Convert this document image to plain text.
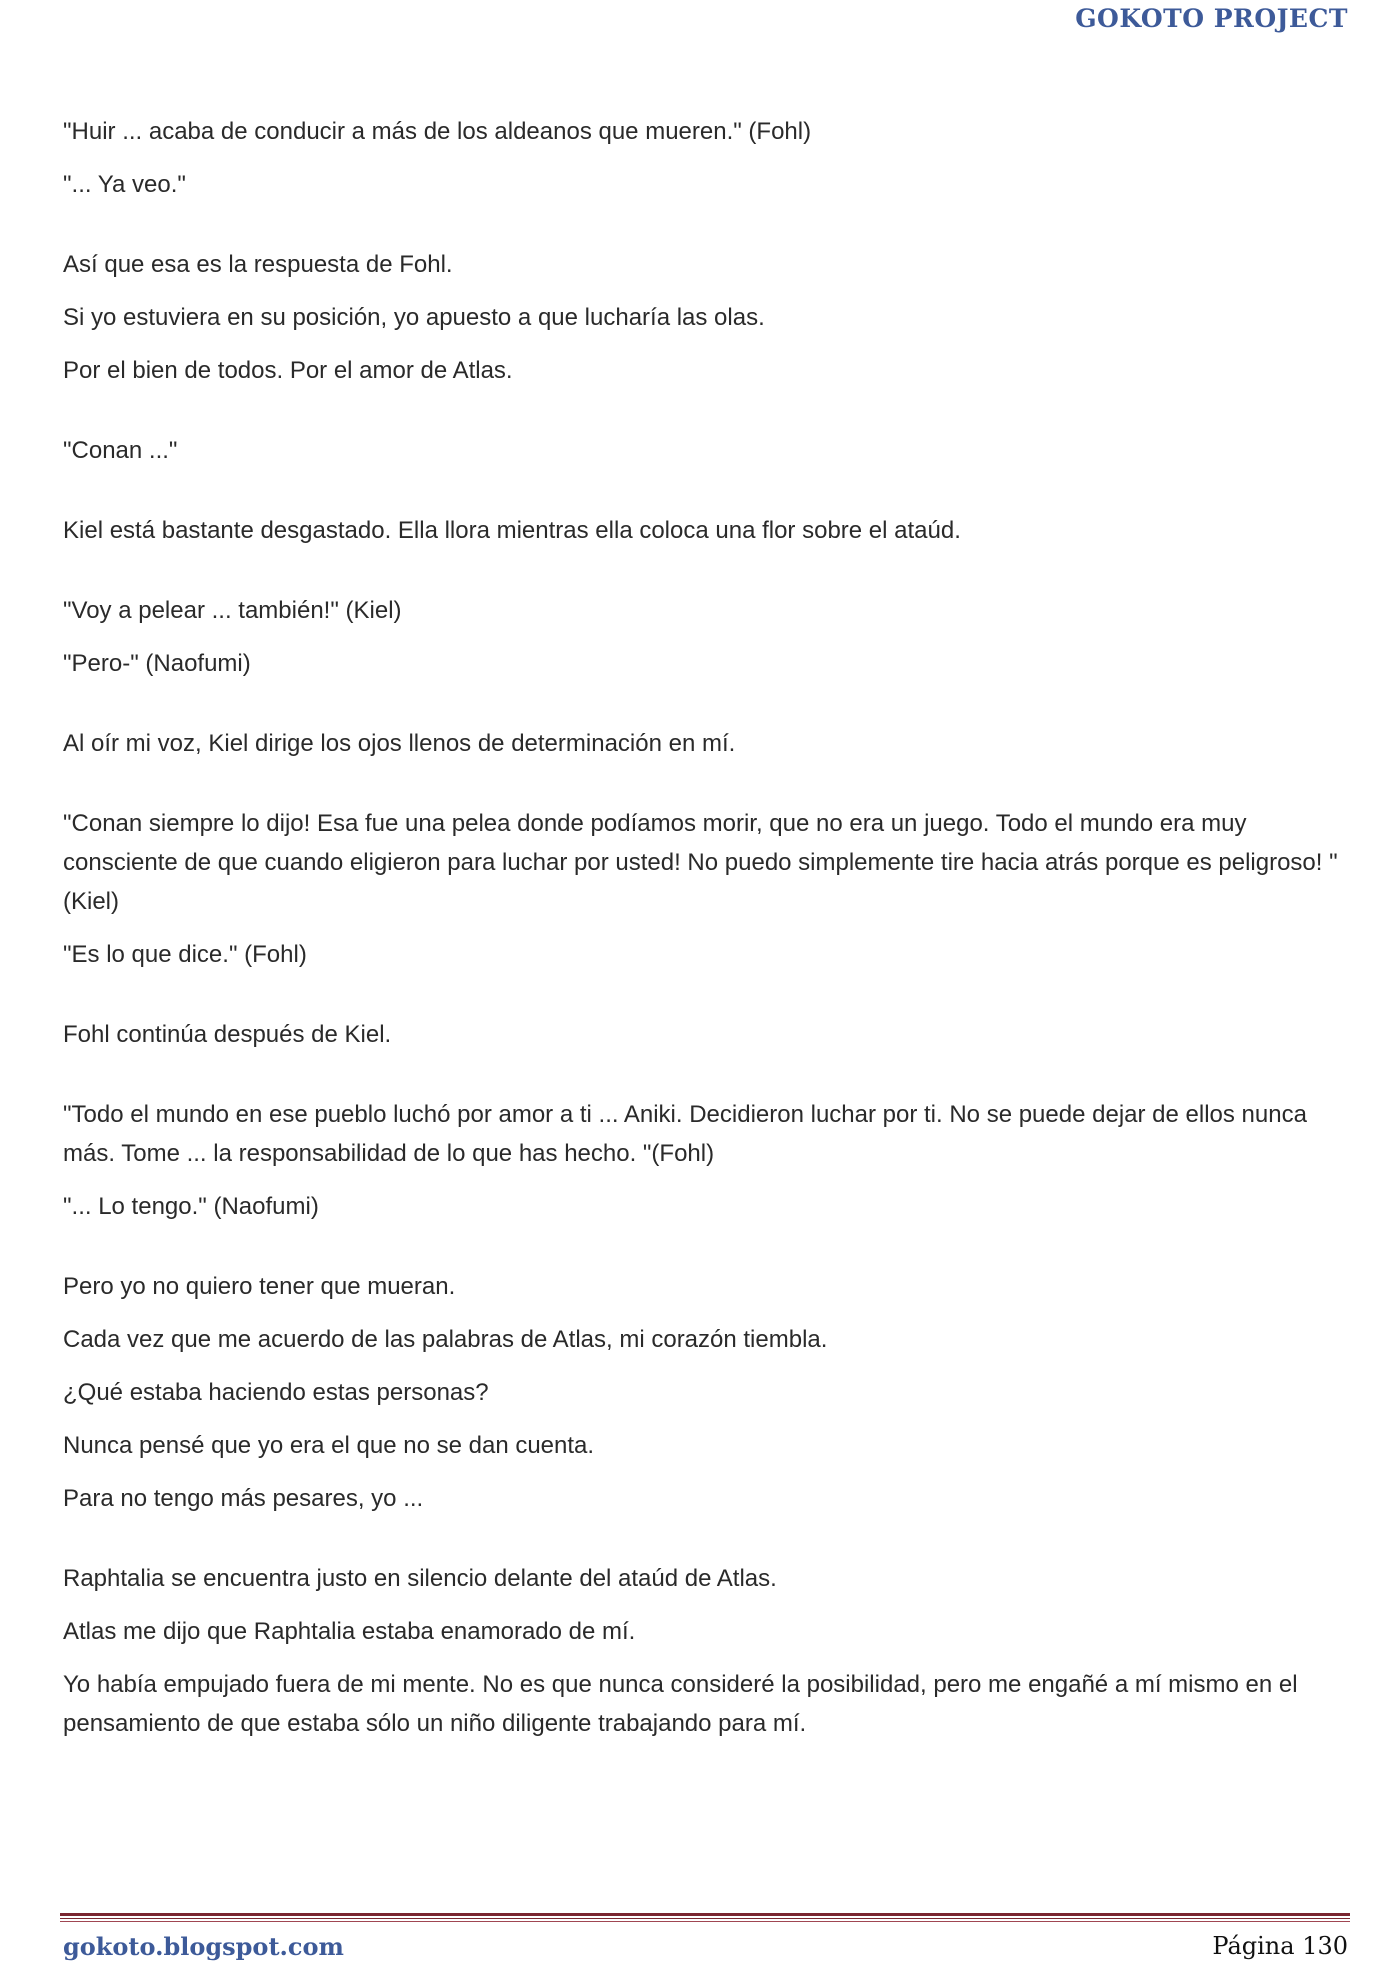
GOKOTO PROJECT

"Huir ... acaba de conducir a más de los aldeanos que mueren." (Fohl)

"... Ya veo."

Así que esa es la respuesta de Fohl.

Si yo estuviera en su posición, yo apuesto a que lucharía las olas.

Por el bien de todos. Por el amor de Atlas.

"Conan ..."

Kiel está bastante desgastado. Ella llora mientras ella coloca una flor sobre el ataúd.

"Voy a pelear ... también!" (Kiel)

"Pero-" (Naofumi)

Al oír mi voz, Kiel dirige los ojos llenos de determinación en mí.

"Conan siempre lo dijo! Esa fue una pelea donde podíamos morir, que no era un juego. Todo el mundo era muy consciente de que cuando eligieron para luchar por usted! No puedo simplemente tire hacia atrás porque es peligroso! "(Kiel)

"Es lo que dice." (Fohl)

Fohl continúa después de Kiel.

"Todo el mundo en ese pueblo luchó por amor a ti ... Aniki. Decidieron luchar por ti. No se puede dejar de ellos nunca más. Tome ... la responsabilidad de lo que has hecho. "(Fohl)

"... Lo tengo." (Naofumi)

Pero yo no quiero tener que mueran.

Cada vez que me acuerdo de las palabras de Atlas, mi corazón tiembla.

¿Qué estaba haciendo estas personas?

Nunca pensé que yo era el que no se dan cuenta.

Para no tengo más pesares, yo ...

Raphtalia se encuentra justo en silencio delante del ataúd de Atlas.

Atlas me dijo que Raphtalia estaba enamorado de mí.

Yo había empujado fuera de mi mente. No es que nunca consideré la posibilidad, pero me engañé a mí mismo en el pensamiento de que estaba sólo un niño diligente trabajando para mí.

gokoto.blogspot.com	Página 130
